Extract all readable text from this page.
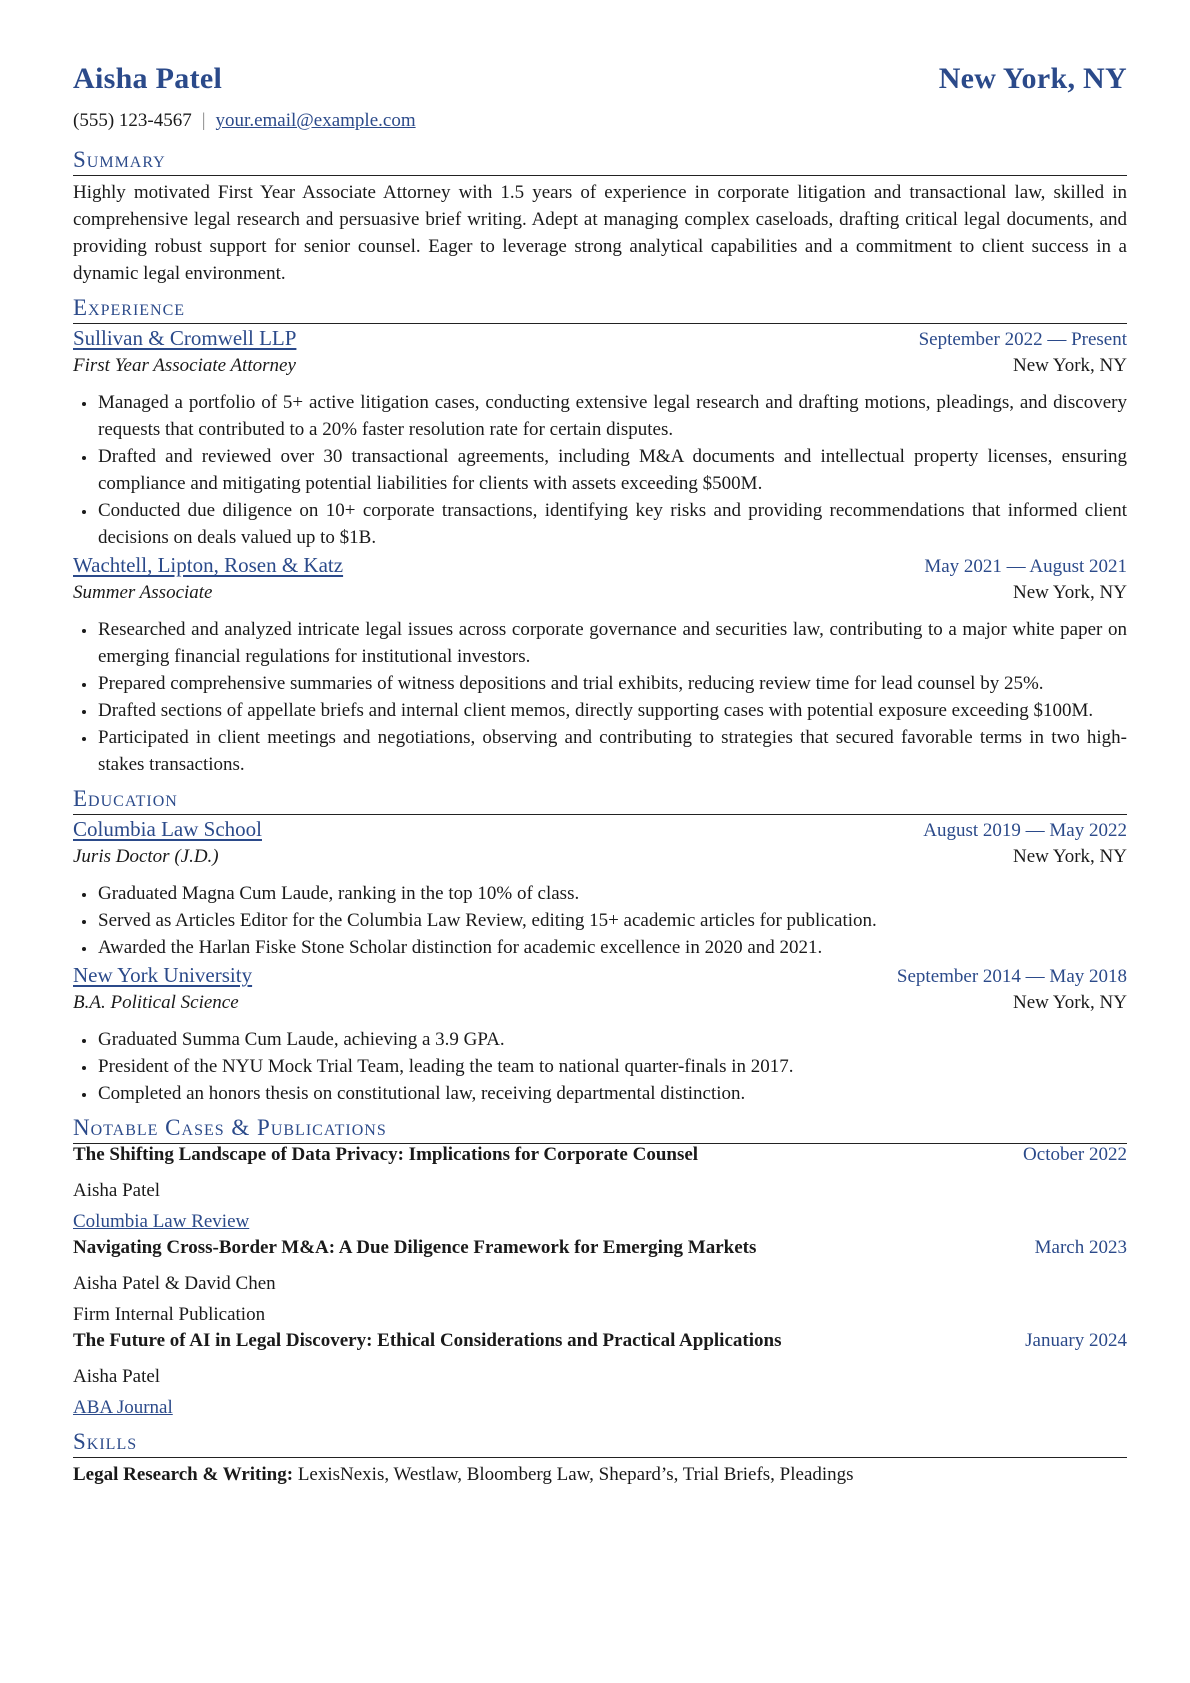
Aisha Patel	New York, NY
(555) 123-4567 | your.email@example.com
Summary

Highly motivated First Year Associate Attorney with 1.5 years of experience in corporate litigation and transactional law, skilled in comprehensive legal research and persuasive brief writing. Adept at managing complex caseloads, drafting critical legal documents, and providing robust support for senior counsel. Eager to leverage strong analytical capabilities and a commitment to client success in a dynamic legal environment.

Experience
Sullivan & Cromwell LLP	September 2022 — Present
First Year Associate Attorney	New York, NY
• Managed a portfolio of 5+ active litigation cases, conducting extensive legal research and drafting motions, pleadings, and discovery requests that contributed to a 20% faster resolution rate for certain disputes.
• Drafted and reviewed over 30 transactional agreements, including M&A documents and intellectual property licenses, ensuring compliance and mitigating potential liabilities for clients with assets exceeding $500M.
• Conducted due diligence on 10+ corporate transactions, identifying key risks and providing recommendations that informed client decisions on deals valued up to $1B.
Wachtell, Lipton, Rosen & Katz	May 2021 — August 2021
Summer Associate	New York, NY
• Researched and analyzed intricate legal issues across corporate governance and securities law, contributing to a major white paper on emerging financial regulations for institutional investors.
• Prepared comprehensive summaries of witness depositions and trial exhibits, reducing review time for lead counsel by 25%.
• Drafted sections of appellate briefs and internal client memos, directly supporting cases with potential exposure exceeding $100M.
• Participated in client meetings and negotiations, observing and contributing to strategies that secured favorable terms in two high-stakes transactions.
Education
Columbia Law School	August 2019 — May 2022
Juris Doctor (J.D.)	New York, NY
• Graduated Magna Cum Laude, ranking in the top 10% of class.
• Served as Articles Editor for the Columbia Law Review, editing 15+ academic articles for publication.
• Awarded the Harlan Fiske Stone Scholar distinction for academic excellence in 2020 and 2021.
New York University	September 2014 — May 2018
B.A. Political Science	New York, NY
• Graduated Summa Cum Laude, achieving a 3.9 GPA.
• President of the NYU Mock Trial Team, leading the team to national quarter-finals in 2017.
• Completed an honors thesis on constitutional law, receiving departmental distinction.
Notable Cases & Publications
The Shifting Landscape of Data Privacy: Implications for Corporate Counsel	October 2022
Aisha Patel
Columbia Law Review
Navigating Cross-Border M&A: A Due Diligence Framework for Emerging Markets	March 2023
Aisha Patel & David Chen
Firm Internal Publication
The Future of AI in Legal Discovery: Ethical Considerations and Practical Applications	January 2024
Aisha Patel
ABA Journal
Skills
Legal Research & Writing: LexisNexis, Westlaw, Bloomberg Law, Shepard’s, Trial Briefs, Pleadings
